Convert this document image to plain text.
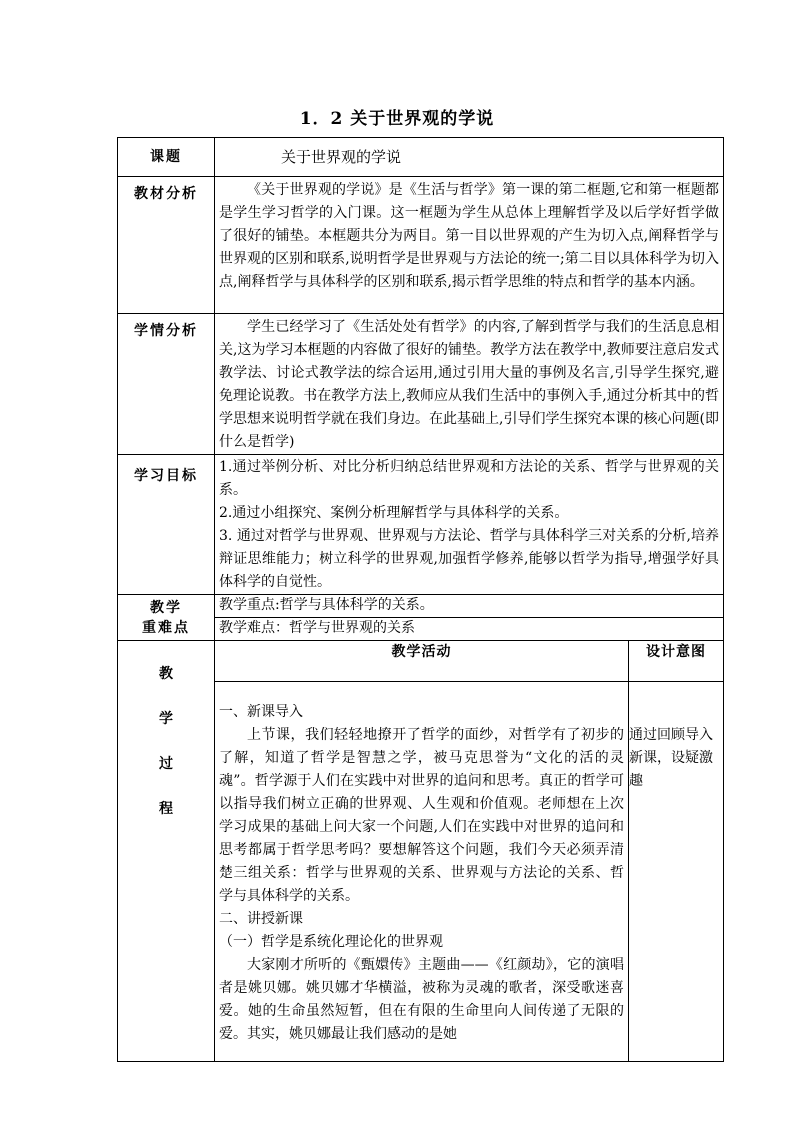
1．2 关于世界观的学说
课题	关于世界观的学说	
教材分析	《关于世界观的学说》是《生活与哲学》第一课的第二框题,它和第一框题都是学生学习哲学的入门课。这一框题为学生从总体上理解哲学及以后学好哲学做了很好的铺垫。本框题共分为两目。第一目以世界观的产生为切入点,阐释哲学与世界观的区别和联系,说明哲学是世界观与方法论的统一;第二目以具体科学为切入点,阐释哲学与具体科学的区别和联系,揭示哲学思维的特点和哲学的基本内涵。	

学情分析	学生已经学习了《生活处处有哲学》的内容,了解到哲学与我们的生活息息相关,这为学习本框题的内容做了很好的铺垫。教学方法在教学中,教师要注意启发式教学法、讨论式教学法的综合运用,通过引用大量的事例及名言,引导学生探究,避免理论说教。书在教学方法上,教师应从我们生活中的事例入手,通过分析其中的哲学思想来说明哲学就在我们身边。在此基础上,引导们学生探究本课的核心问题(即什么是哲学)	

学习目标	1.通过举例分析、对比分析归纳总结世界观和方法论的关系、哲学与世界观的关系。

2.通过小组探究、案例分析理解哲学与具体科学的关系。

3. 通过对哲学与世界观、世界观与方法论、哲学与具体科学三对关系的分析,培养辩证思维能力；树立科学的世界观,加强哲学修养,能够以哲学为指导,增强学好具体科学的自觉性。	

教学
重难点	教学重点:哲学与具体科学的关系。	

	教学难点：哲学与世界观的关系	

教
学
过
程	教学活动	设计意图

	一、新课导入

上节课，我们轻轻地撩开了哲学的面纱，对哲学有了初步的了解，知道了哲学是智慧之学，被马克思誉为“文化的活的灵魂”。哲学源于人们在实践中对世界的追问和思考。真正的哲学可以指导我们树立正确的世界观、人生观和价值观。老师想在上次学习成果的基础上问大家一个问题,人们在实践中对世界的追问和思考都属于哲学思考吗？要想解答这个问题，我们今天必须弄清楚三组关系：哲学与世界观的关系、世界观与方法论的关系、哲学与具体科学的关系。

二、讲授新课

（一）哲学是系统化理论化的世界观

大家刚才所听的《甄嬛传》主题曲——《红颜劫》，它的演唱者是姚贝娜。姚贝娜才华横溢，被称为灵魂的歌者，深受歌迷喜爱。她的生命虽然短暂，但在有限的生命里向人间传递了无限的爱。其实，姚贝娜最让我们感动的是她	通过回顾导入新课，设疑激趣
